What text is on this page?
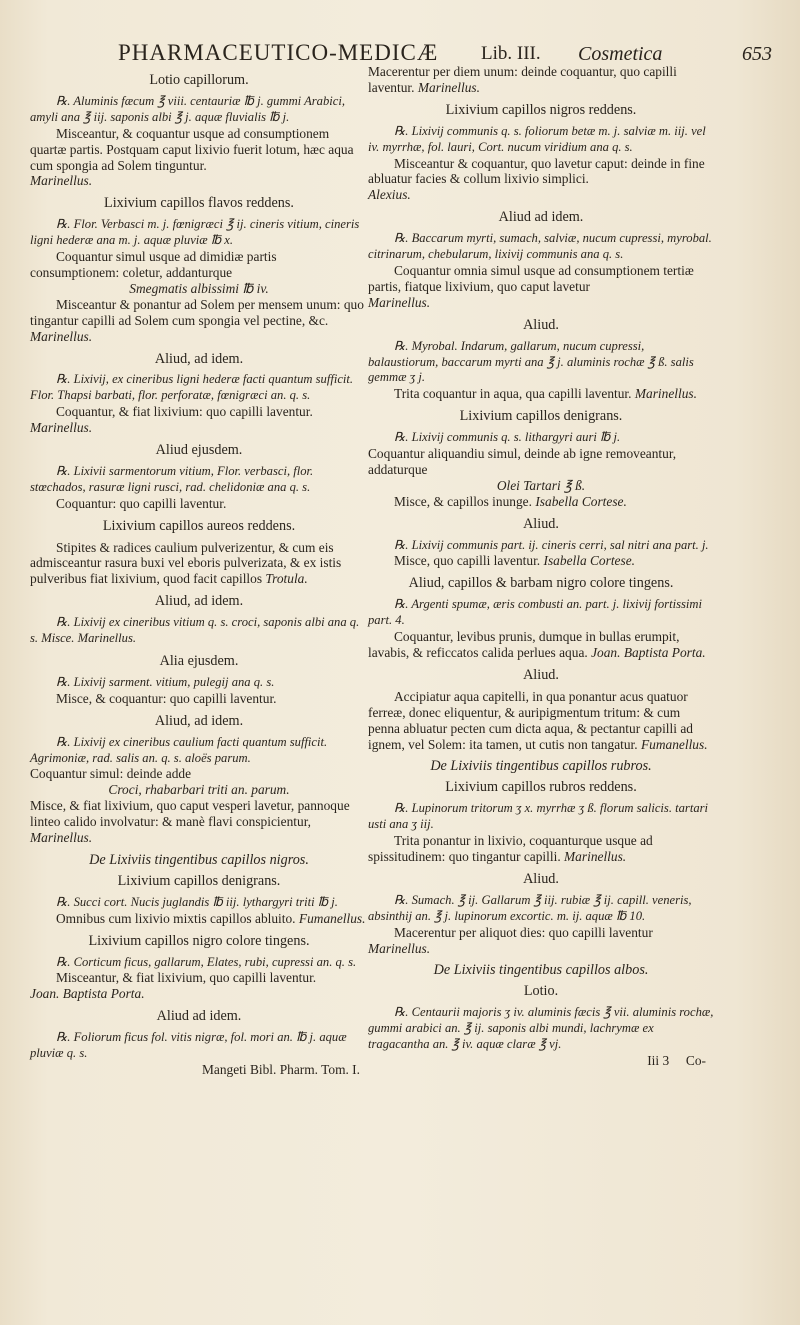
PHARMACEUTICO-MEDICÆ Lib. III. Cosmetica	653
Lotio capillorum.

℞. Aluminis fæcum ℥ viii. centauriæ ℔ j. gummi Arabici, amyli ana ℥ iij. saponis albi ℥ j. aquæ fluvialis ℔ j.

Misceantur, & coquantur usque ad consumptionem quartæ partis. Postquam caput lixivio fuerit lotum, hæc aqua cum spongia ad Solem tinguntur.

Marinellus.

Lixivium capillos flavos reddens.

℞. Flor. Verbasci m. j. fœnigræci ℥ ij. cineris vitium, cineris ligni hederæ ana m. j. aquæ pluviæ ℔ x.

Coquantur simul usque ad dimidiæ partis consumptionem: coletur, addanturque

Smegmatis albissimi ℔ iv.

Misceantur & ponantur ad Solem per mensem unum: quo tingantur capilli ad Solem cum spongia vel pectine, &c. Marinellus.

Aliud, ad idem.

℞. Lixivij, ex cineribus ligni hederæ facti quantum sufficit. Flor. Thapsi barbati, flor. perforatæ, fœnigræci an. q. s.

Coquantur, & fiat lixivium: quo capilli laventur. Marinellus.

Aliud ejusdem.

℞. Lixivii sarmentorum vitium, Flor. verbasci, flor. stœchados, rasuræ ligni rusci, rad. chelidoniæ ana q. s.

Coquantur: quo capilli laventur.

Lixivium capillos aureos reddens.

Stipites & radices caulium pulverizentur, & cum eis admisceantur rasura buxi vel eboris pulverizata, & ex istis pulveribus fiat lixivium, quod facit capillos Trotula.

Aliud, ad idem.

℞. Lixivij ex cineribus vitium q. s. croci, saponis albi ana q. s. Misce. Marinellus.

Alia ejusdem.

℞. Lixivij sarment. vitium, pulegij ana q. s.

Misce, & coquantur: quo capilli laventur.

Aliud, ad idem.

℞. Lixivij ex cineribus caulium facti quantum sufficit. Agrimoniæ, rad. salis an. q. s. aloës parum.

Coquantur simul: deinde adde

Croci, rhabarbari triti an. parum.

Misce, & fiat lixivium, quo caput vesperi lavetur, pannoque linteo calido involvatur: & manè flavi conspicientur, Marinellus.

De Lixiviis tingentibus capillos nigros.
Lixivium capillos denigrans.

℞. Succi cort. Nucis juglandis ℔ iij. lythargyri triti ℔ j.

Omnibus cum lixivio mixtis capillos abluito. Fumanellus.

Lixivium capillos nigro colore tingens.

℞. Corticum ficus, gallarum, Elates, rubi, cupressi an. q. s.

Misceantur, & fiat lixivium, quo capilli laventur.

Joan. Baptista Porta.

Aliud ad idem.

℞. Foliorum ficus fol. vitis nigræ, fol. mori an. ℔ j. aquæ pluviæ q. s.

Mangeti Bibl. Pharm. Tom. I.

Macerentur per diem unum: deinde coquantur, quo capilli laventur. Marinellus.

Lixivium capillos nigros reddens.

℞. Lixivij communis q. s. foliorum betæ m. j. salviæ m. iij. vel iv. myrrhæ, fol. lauri, Cort. nucum viridium ana q. s.

Misceantur & coquantur, quo lavetur caput: deinde in fine abluatur facies & collum lixivio simplici.

Alexius.

Aliud ad idem.

℞. Baccarum myrti, sumach, salviæ, nucum cupressi, myrobal. citrinarum, chebularum, lixivij communis ana q. s.

Coquantur omnia simul usque ad consumptionem tertiæ partis, fiatque lixivium, quo caput lavetur

Marinellus.

Aliud.

℞. Myrobal. Indarum, gallarum, nucum cupressi, balaustiorum, baccarum myrti ana ℥ j. aluminis rochæ ℥ ß. salis gemmæ ʒ j.

Trita coquantur in aqua, qua capilli laventur. Marinellus.

Lixivium capillos denigrans.

℞. Lixivij communis q. s. lithargyri auri ℔ j.

Coquantur aliquandiu simul, deinde ab igne removeantur, addaturque

Olei Tartari ℥ ß.

Misce, & capillos inunge. Isabella Cortese.

Aliud.

℞. Lixivij communis part. ij. cineris cerri, sal nitri ana part. j.

Misce, quo capilli laventur. Isabella Cortese.

Aliud, capillos & barbam nigro colore tingens.

℞. Argenti spumæ, æris combusti an. part. j. lixivij fortissimi part. 4.

Coquantur, levibus prunis, dumque in bullas erumpit, lavabis, & reficcatos calida perlues aqua. Joan. Baptista Porta.

Aliud.

Accipiatur aqua capitelli, in qua ponantur acus quatuor ferreæ, donec eliquentur, & auripigmentum tritum: & cum penna abluatur pecten cum dicta aqua, & pectantur capilli ad ignem, vel Solem: ita tamen, ut cutis non tangatur. Fumanellus.

De Lixiviis tingentibus capillos rubros.
Lixivium capillos rubros reddens.

℞. Lupinorum tritorum ʒ x. myrrhæ ʒ ß. florum salicis. tartari usti ana ʒ iij.

Trita ponantur in lixivio, coquanturque usque ad spissitudinem: quo tingantur capilli. Marinellus.

Aliud.

℞. Sumach. ℥ ij. Gallarum ℥ iij. rubiæ ℥ ij. capill. veneris, absinthij an. ℥ j. lupinorum excortic. m. ij. aquæ ℔ 10.

Macerentur per aliquot dies: quo capilli laventur

Marinellus.

De Lixiviis tingentibus capillos albos.
Lotio.

℞. Centaurii majoris ʒ iv. aluminis fæcis ℥ vii. aluminis rochæ, gummi arabici an. ℥ ij. saponis albi mundi, lachrymæ ex tragacantha an. ℥ iv. aquæ claræ ℥ vj.

Iii 3 Co-
